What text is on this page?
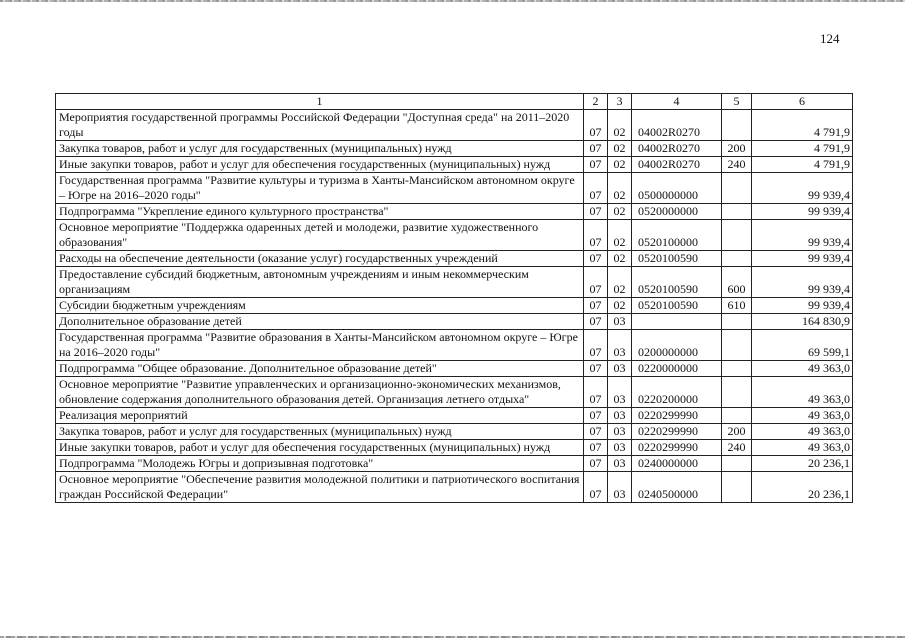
124
1	2	3	4	5	6
Мероприятия государственной программы Российской Федерации "Доступная среда" на 2011–2020 годы	07	02	04002R0270		4 791,9
Закупка товаров, работ и услуг для государственных (муниципальных) нужд	07	02	04002R0270	200	4 791,9
Иные закупки товаров, работ и услуг для обеспечения государственных (муниципальных) нужд	07	02	04002R0270	240	4 791,9
Государственная программа "Развитие культуры и туризма в Ханты-Мансийском автономном округе – Югре на 2016–2020 годы"	07	02	0500000000		99 939,4
Подпрограмма "Укрепление единого культурного пространства"	07	02	0520000000		99 939,4
Основное мероприятие "Поддержка одаренных детей и молодежи, развитие художественного образования"	07	02	0520100000		99 939,4
Расходы на обеспечение деятельности (оказание услуг) государственных учреждений	07	02	0520100590		99 939,4
Предоставление субсидий бюджетным, автономным учреждениям и иным некоммерческим организациям	07	02	0520100590	600	99 939,4
Субсидии бюджетным учреждениям	07	02	0520100590	610	99 939,4
Дополнительное образование детей	07	03			164 830,9
Государственная программа "Развитие образования в Ханты-Мансийском автономном округе – Югре на 2016–2020 годы"	07	03	0200000000		69 599,1
Подпрограмма "Общее образование. Дополнительное образование детей"	07	03	0220000000		49 363,0
Основное мероприятие "Развитие управленческих и организационно-экономических механизмов, обновление содержания дополнительного образования детей. Организация летнего отдыха"	07	03	0220200000		49 363,0
Реализация мероприятий	07	03	0220299990		49 363,0
Закупка товаров, работ и услуг для государственных (муниципальных) нужд	07	03	0220299990	200	49 363,0
Иные закупки товаров, работ и услуг для обеспечения государственных (муниципальных) нужд	07	03	0220299990	240	49 363,0
Подпрограмма "Молодежь Югры и допризывная подготовка"	07	03	0240000000		20 236,1
Основное мероприятие "Обеспечение развития молодежной политики и патриотического воспитания граждан Российской Федерации"	07	03	0240500000		20 236,1
